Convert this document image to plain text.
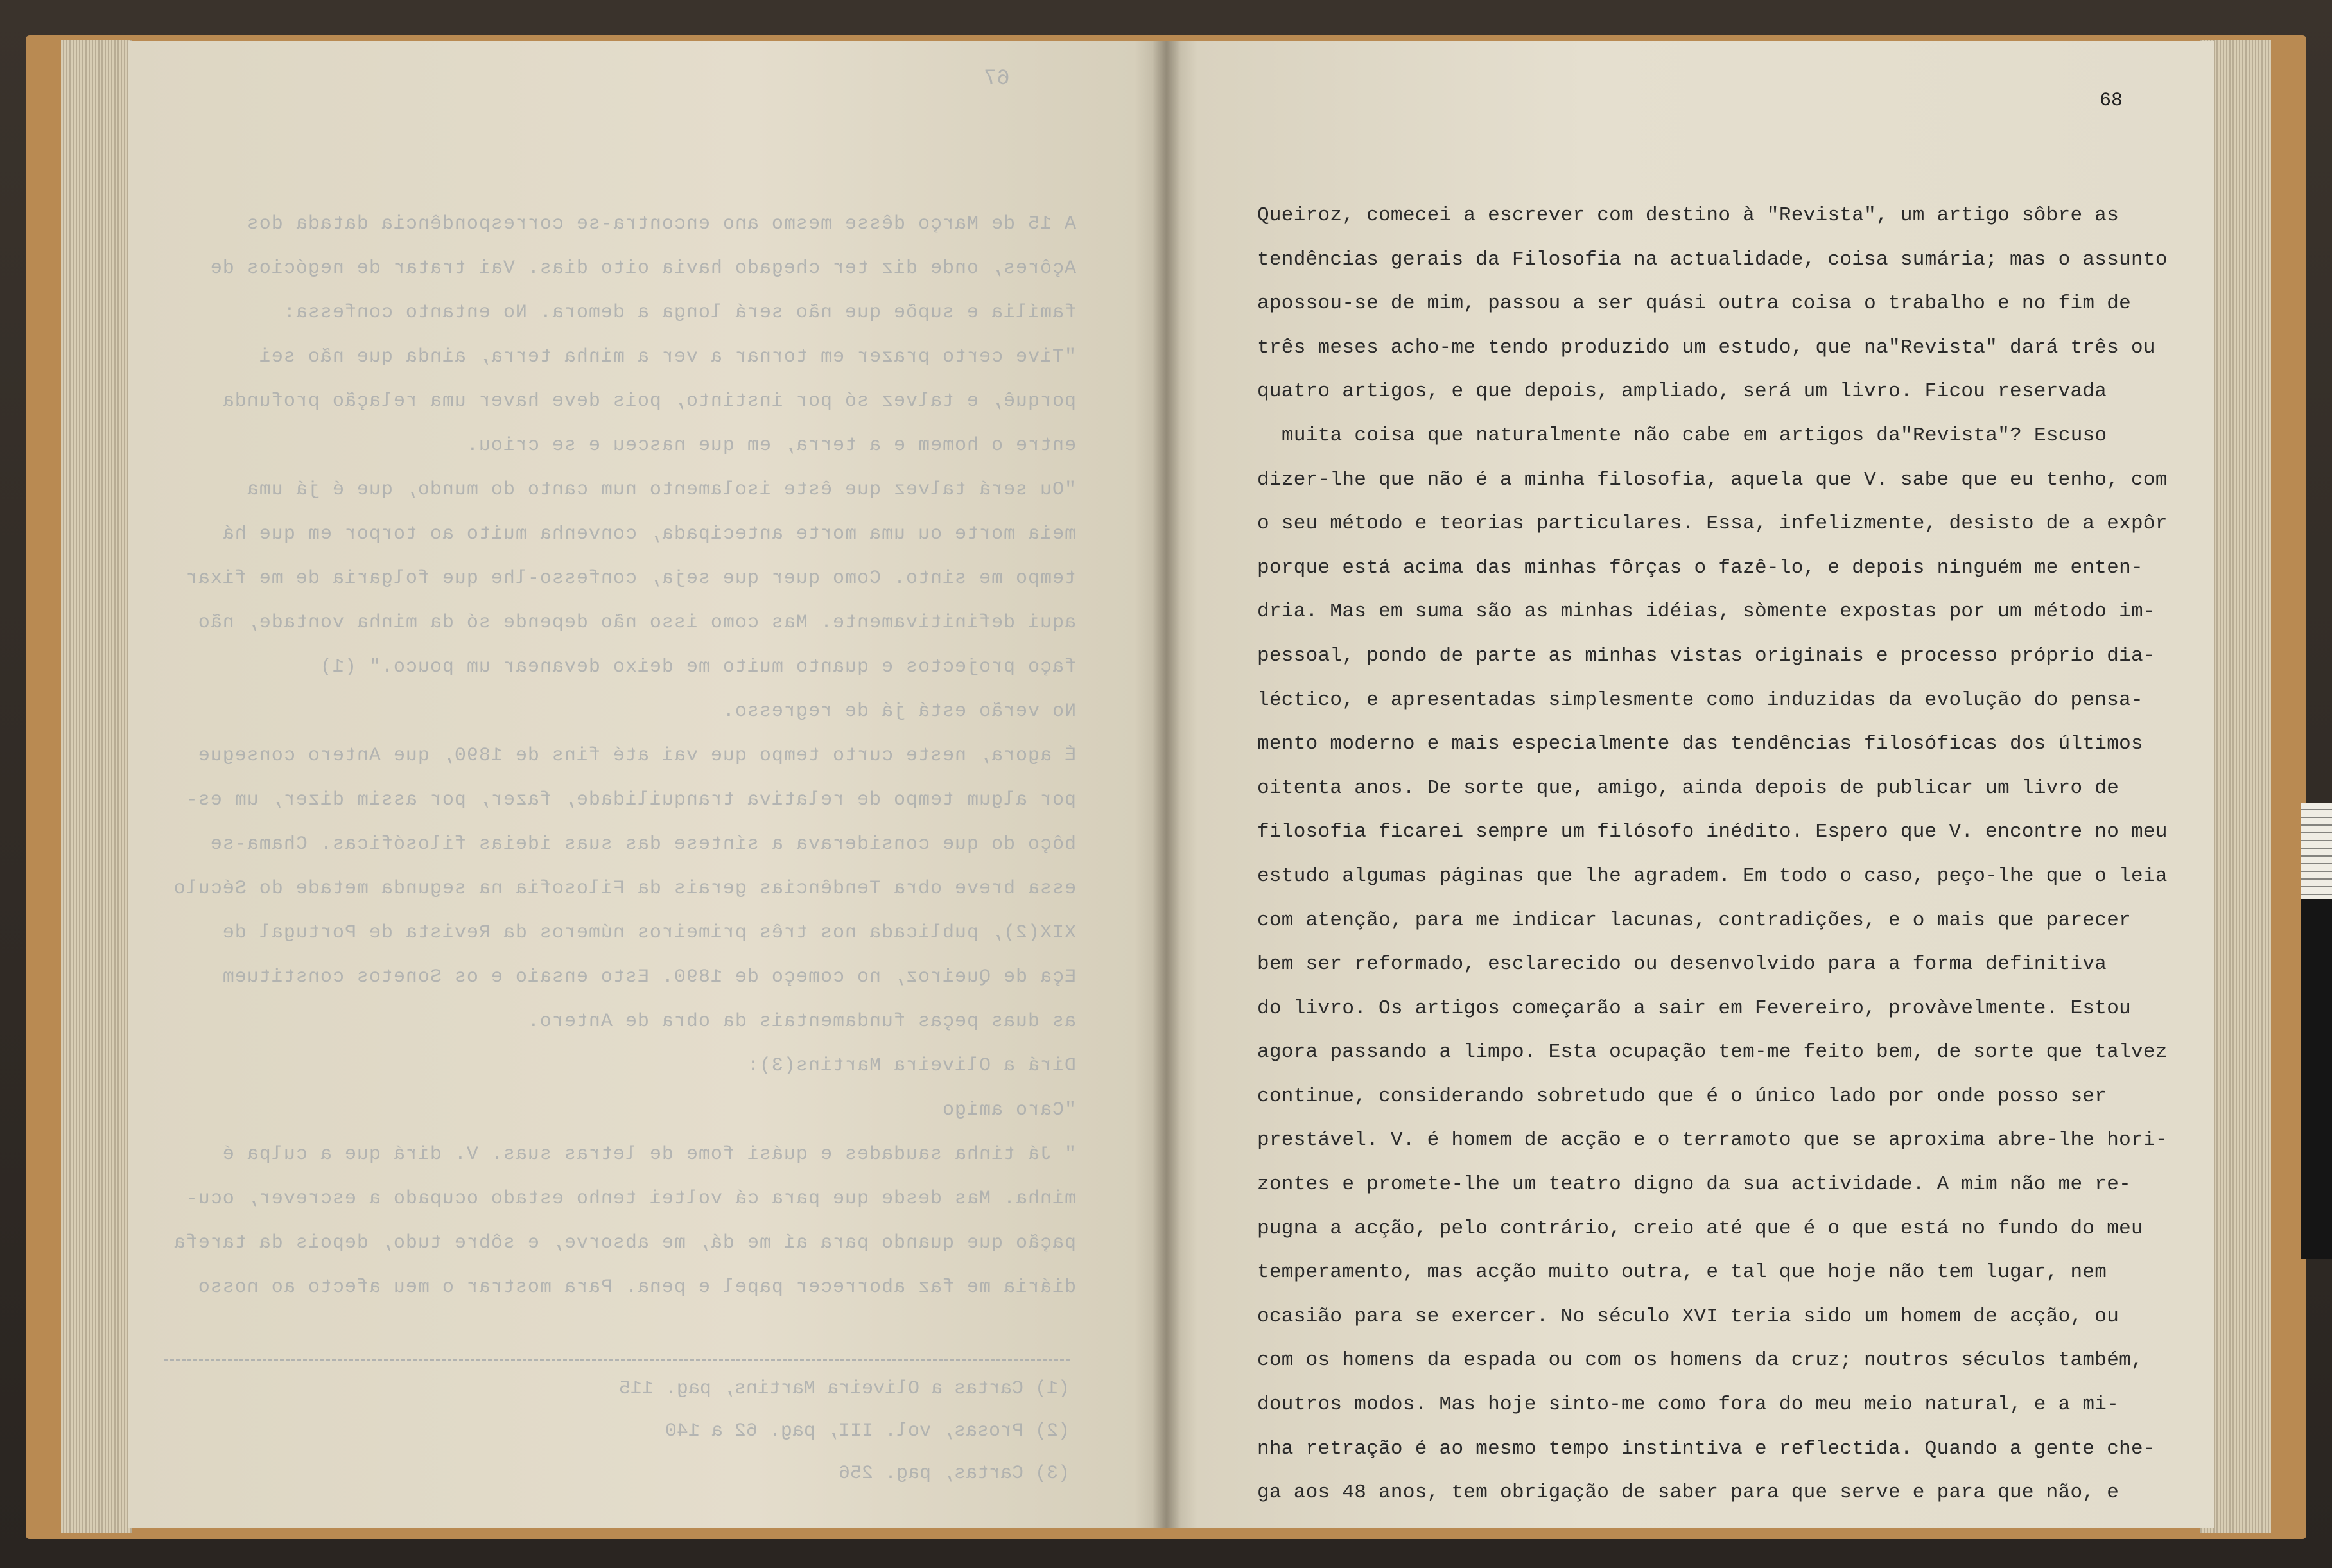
67
A 15 de Março dêsse mesmo ano encontra-se correspondência datada dos
Açôres, onde diz ter chegado havia oito dias. Vai tratar de negócios de
família e supõe que não será longa a demora. No entanto confessa:
"Tive certo prazer em tornar a ver a minha terra, ainda que não sei
porquê, e talvez só por instinto, pois deve haver uma relação profunda
entre o homem e a terra, em que nasceu e se criou.
"Ou será talvez que êste isolamento num canto do mundo, que é já uma
meia morte ou uma morte antecipada, convenha muito ao torpor em que há
tempo me sinto. Como quer que seja, confesso-lhe que folgaria de me fixar
aqui definitivamente. Mas como isso não depende só da minha vontade, não
faço projectos e quanto muito me deixo devanear um pouco." (1)
No verão está já de regresso.
É agora, neste curto tempo que vai até fins de 1890, que Antero consegue
por algum tempo de relativa tranquilidade, fazer, por assim dizer, um es-
bôço do que considerava a síntese das suas ideias filosóficas. Chama-se
essa breve obra Tendências gerais da Filosofia na segunda metade do Século
XIX(2), publicada nos três primeiros números da Revista de Portugal de
Eça de Queiroz, no começo de 1890. Esto ensaio e os Sonetos constituem
as duas peças fundamentais da obra de Antero.
Dirá a Oliveira Martins(3):
"Caro amigo
" Já tinha saudades e quási fome de letras suas. V. dirá que a culpa é
minha. Mas desde que para cá voltei tenho estado ocupado a escrever, ocu-
pação que quando para aí me dá, me absorve, e sôbre tudo, depois da tarefa
diária me faz aborrecer papel e pena. Para mostrar o meu afecto ao nosso
(1) Cartas a Oliveira Martins, pag. 115
(2) Prosas, vol. III, pag. 62 a 140
(3) Cartas, pag. 256
68
Queiroz, comecei a escrever com destino à "Revista", um artigo sôbre as
tendências gerais da Filosofia na actualidade, coisa sumária; mas o assunto
apossou-se de mim, passou a ser quási outra coisa o trabalho e no fim de
três meses acho-me tendo produzido um estudo, que na"Revista" dará três ou
quatro artigos, e que depois, ampliado, será um livro. Ficou reservada
muita coisa que naturalmente não cabe em artigos da"Revista"? Escuso
dizer-lhe que não é a minha filosofia, aquela que V. sabe que eu tenho, com
o seu método e teorias particulares. Essa, infelizmente, desisto de a expôr
porque está acima das minhas fôrças o fazê-lo, e depois ninguém me enten-
dria. Mas em suma são as minhas idéias, sòmente expostas por um método im-
pessoal, pondo de parte as minhas vistas originais e processo próprio dia-
léctico, e apresentadas simplesmente como induzidas da evolução do pensa-
mento moderno e mais especialmente das tendências filosóficas dos últimos
oitenta anos. De sorte que, amigo, ainda depois de publicar um livro de
filosofia ficarei sempre um filósofo inédito. Espero que V. encontre no meu
estudo algumas páginas que lhe agradem. Em todo o caso, peço-lhe que o leia
com atenção, para me indicar lacunas, contradições, e o mais que parecer
bem ser reformado, esclarecido ou desenvolvido para a forma definitiva
do livro. Os artigos começarão a sair em Fevereiro, provàvelmente. Estou
agora passando a limpo. Esta ocupação tem-me feito bem, de sorte que talvez
continue, considerando sobretudo que é o único lado por onde posso ser
prestável. V. é homem de acção e o terramoto que se aproxima abre-lhe hori-
zontes e promete-lhe um teatro digno da sua actividade. A mim não me re-
pugna a acção, pelo contrário, creio até que é o que está no fundo do meu
temperamento, mas acção muito outra, e tal que hoje não tem lugar, nem
ocasião para se exercer. No século XVI teria sido um homem de acção, ou
com os homens da espada ou com os homens da cruz; noutros séculos também,
doutros modos. Mas hoje sinto-me como fora do meu meio natural, e a mi-
nha retração é ao mesmo tempo instintiva e reflectida. Quando a gente che-
ga aos 48 anos, tem obrigação de saber para que serve e para que não, e
